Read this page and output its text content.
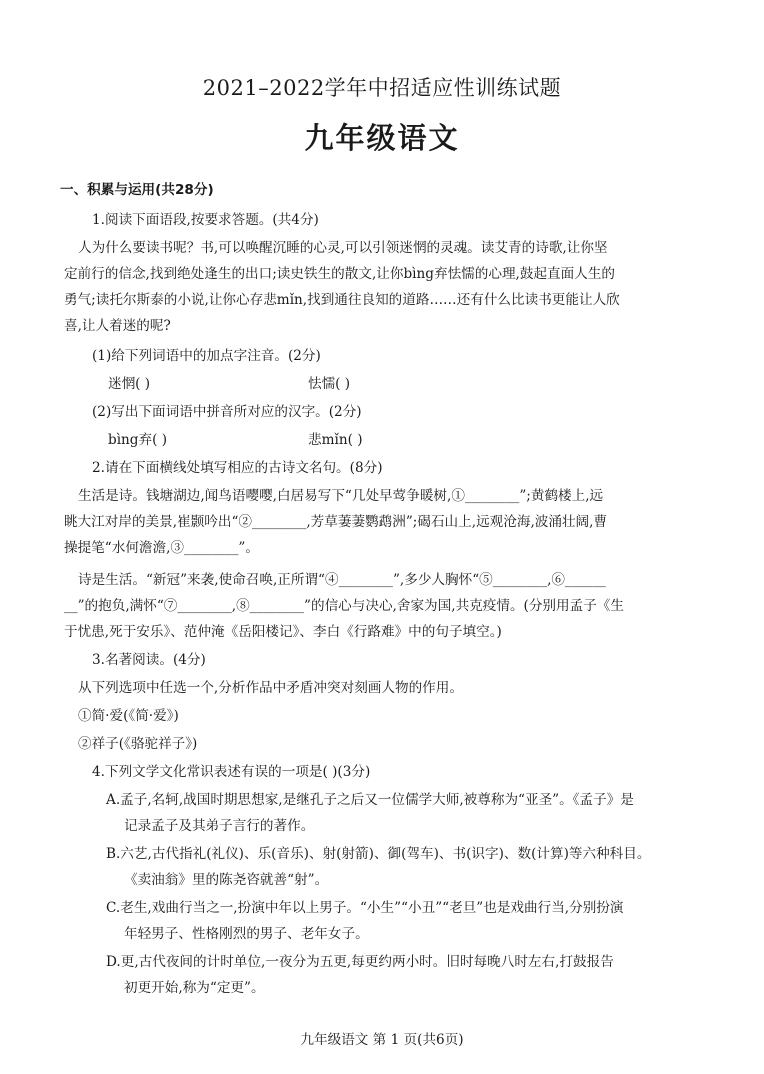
2021–2022学年中招适应性训练试题
九年级语文
一、积累与运用(共28分)
1.阅读下面语段,按要求答题。(共4分)
人为什么要读书呢？书,可以唤醒沉睡的心灵,可以引领迷惘的灵魂。读艾青的诗歌,让你坚
定前行的信念,找到绝处逢生的出口;读史铁生的散文,让你bìng弃怯懦的心理,鼓起直面人生的
勇气;读托尔斯泰的小说,让你心存悲mǐn,找到通往良知的道路……还有什么比读书更能让人欣
喜,让人着迷的呢?
(1)给下列词语中的加点字注音。(2分)
迷惘( )	怯懦( )
(2)写出下面词语中拼音所对应的汉字。(2分)
bìng弃( )	悲mǐn( )
2.请在下面横线处填写相应的古诗文名句。(8分)
生活是诗。钱塘湖边,闻鸟语嘤嘤,白居易写下“几处早莺争暖树,①________”;黄鹤楼上,远
眺大江对岸的美景,崔颢吟出“②________,芳草萋萋鹦鹉洲”;碣石山上,远观沧海,波涌壮阔,曹
操提笔“水何澹澹,③________”。
诗是生活。“新冠”来袭,使命召唤,正所谓“④________”,多少人胸怀“⑤________,⑥______
__”的抱负,满怀“⑦________,⑧________”的信心与决心,舍家为国,共克疫情。(分别用孟子《生
于忧患,死于安乐》、范仲淹《岳阳楼记》、李白《行路难》中的句子填空。)
3.名著阅读。(4分)
从下列选项中任选一个,分析作品中矛盾冲突对刻画人物的作用。
①简·爱(《简·爱》)
②祥子(《骆驼祥子》)
4.下列文学文化常识表述有误的一项是( )(3分)
A.孟子,名轲,战国时期思想家,是继孔子之后又一位儒学大师,被尊称为“亚圣”。《孟子》是
记录孟子及其弟子言行的著作。
B.六艺,古代指礼(礼仪)、乐(音乐)、射(射箭)、御(驾车)、书(识字)、数(计算)等六种科目。
《卖油翁》里的陈尧咨就善“射”。
C.老生,戏曲行当之一,扮演中年以上男子。“小生”“小丑”“老旦”也是戏曲行当,分别扮演
年轻男子、性格刚烈的男子、老年女子。
D.更,古代夜间的计时单位,一夜分为五更,每更约两小时。旧时每晚八时左右,打鼓报告
初更开始,称为“定更”。
九年级语文 第 1 页(共6页)
